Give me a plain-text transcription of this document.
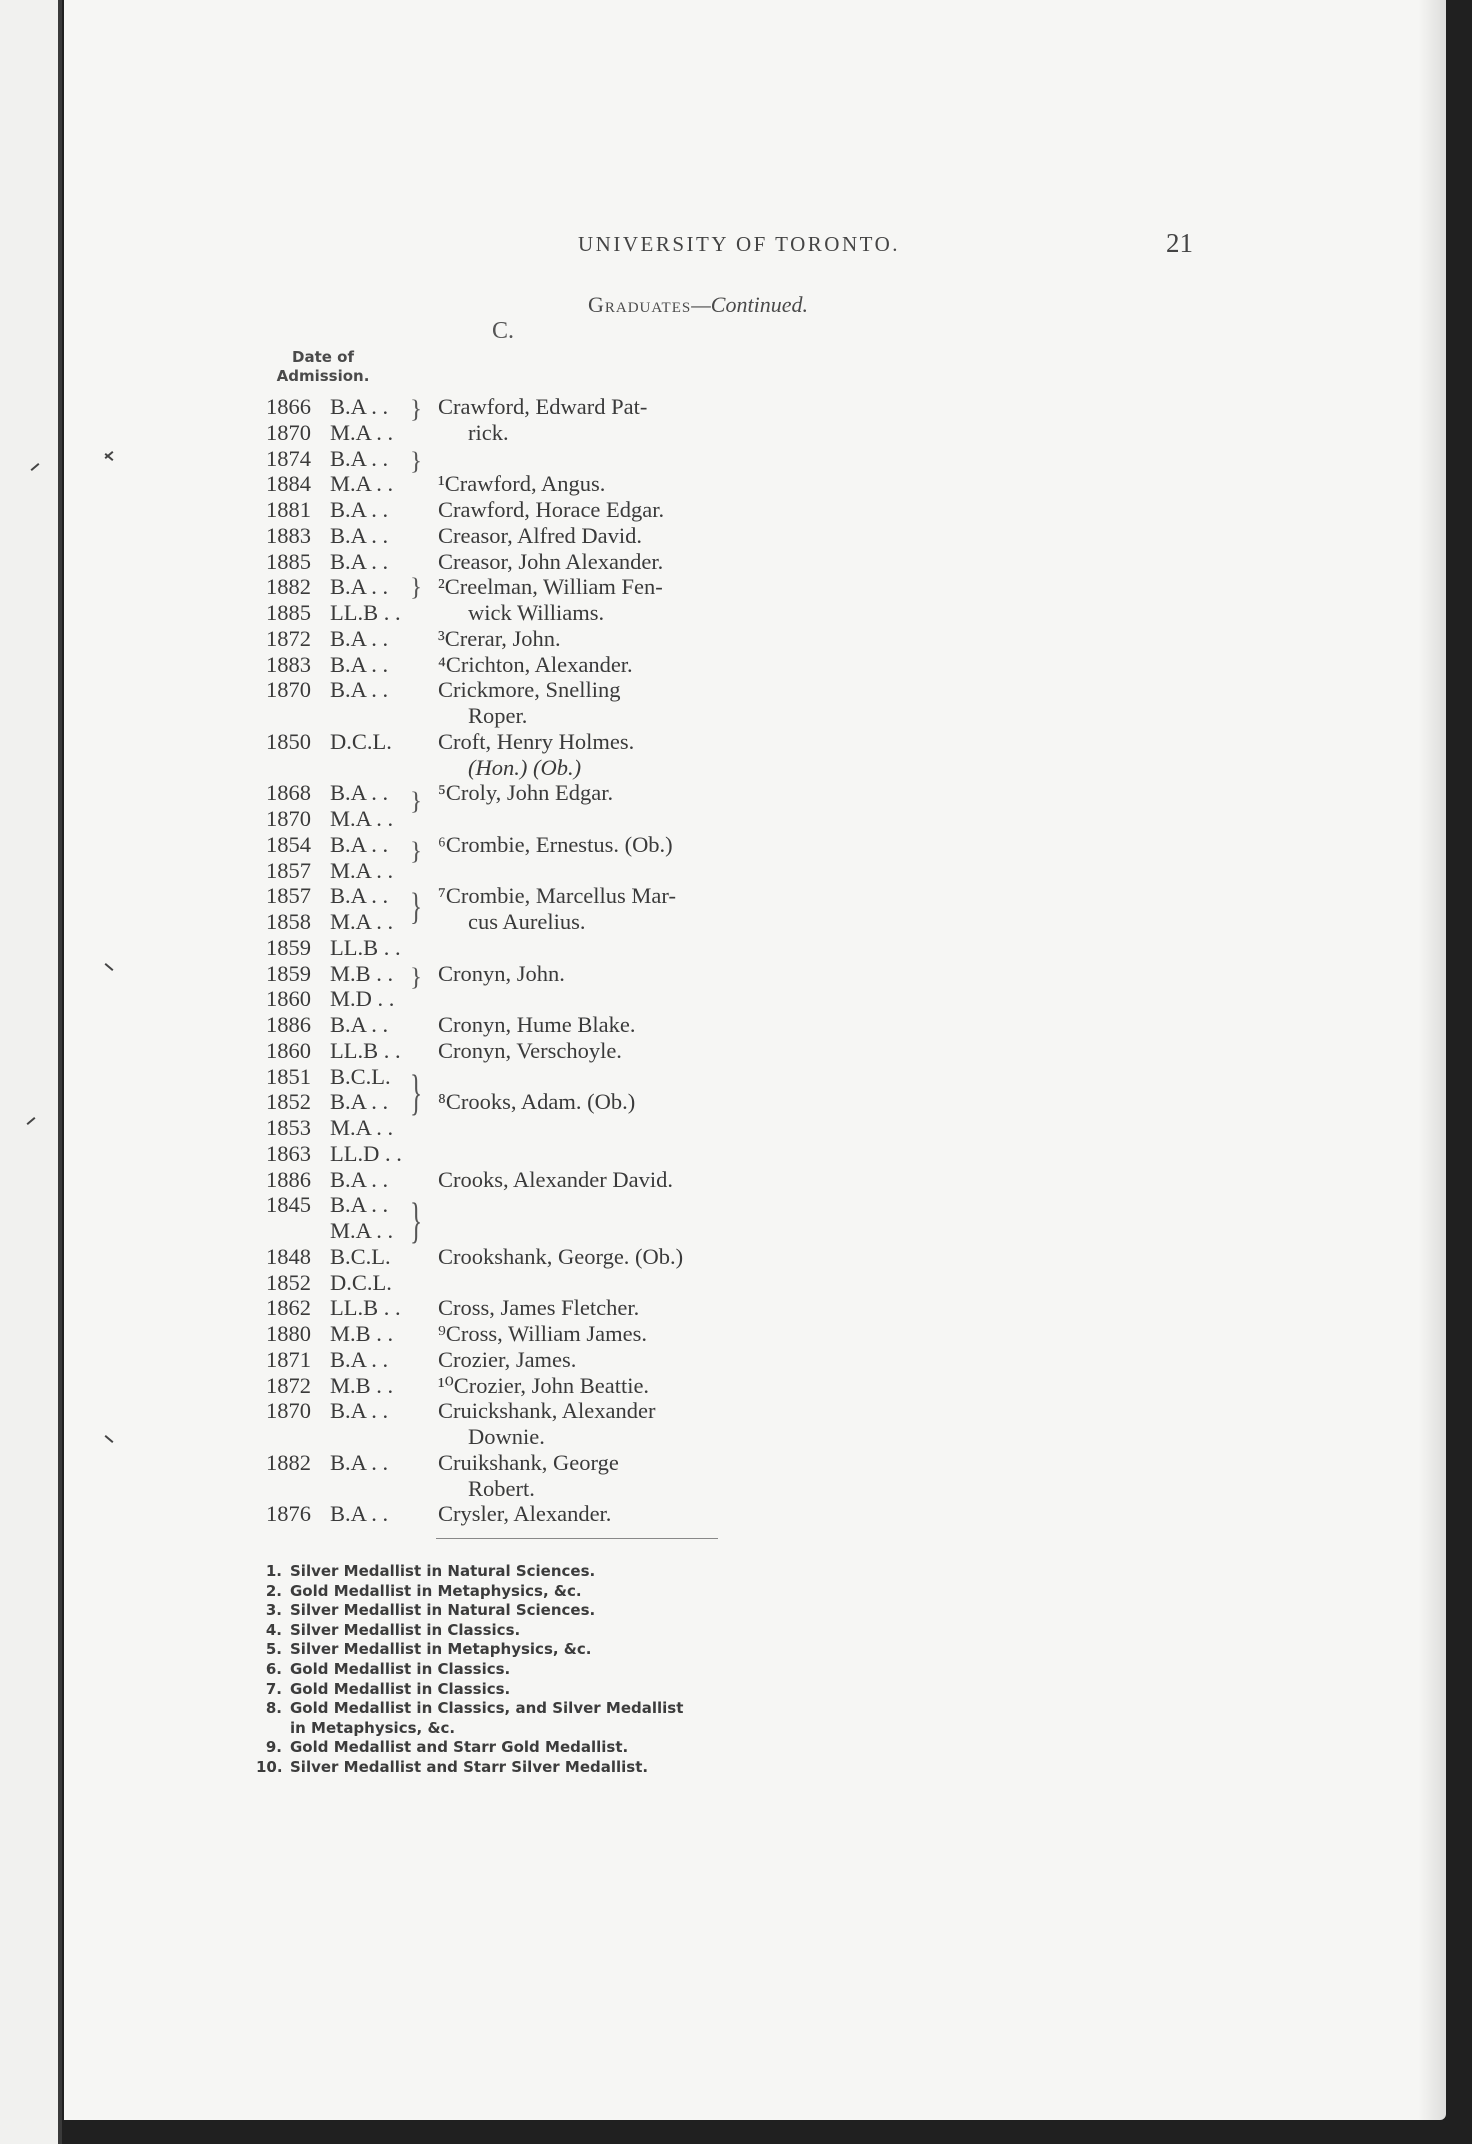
UNIVERSITY OF TORONTO.	21
Graduates—Continued.
C.
Date of
Admission.
1866 B.A . . Crawford, Edward Pat-
1870 M.A . .	rick.
1874 B.A . .
1884 M.A . . ¹Crawford, Angus.
1881 B.A . . Crawford, Horace Edgar.
1883 B.A . . Creasor, Alfred David.
1885 B.A . . Creasor, John Alexander.
1882 B.A . . ²Creelman, William Fen-
1885 LL.B . .	wick Williams.
1872 B.A . . ³Crerar, John.
1883 B.A . . ⁴Crichton, Alexander.
1870 B.A . . Crickmore, Snelling
Roper.
1850 D.C.L. Croft, Henry Holmes.
(Hon.) (Ob.)
1868 B.A . . ⁵Croly, John Edgar.
1870 M.A . .
1854 B.A . . ⁶Crombie, Ernestus. (Ob.)
1857 M.A . .
1857 B.A . . ⁷Crombie, Marcellus Mar-
1858 M.A . .	cus Aurelius.
1859 LL.B . .
1859 M.B . . Cronyn, John.
1860 M.D . .
1886 B.A . . Cronyn, Hume Blake.
1860 LL.B . . Cronyn, Verschoyle.
1851 B.C.L.
1852 B.A . . ⁸Crooks, Adam. (Ob.)
1853 M.A . .
1863 LL.D . .
1886 B.A . . Crooks, Alexander David.
1845 B.A . .
M.A . .
1848 B.C.L. Crookshank, George. (Ob.)
1852 D.C.L.
1862 LL.B . . Cross, James Fletcher.
1880 M.B . . ⁹Cross, William James.
1871 B.A . . Crozier, James.
1872 M.B . . ¹⁰Crozier, John Beattie.
1870 B.A . . Cruickshank, Alexander
Downie.
1882 B.A . . Cruikshank, George
Robert.
1876 B.A . . Crysler, Alexander.
}
}
}
}
}
}
}
}
}
1. Silver Medallist in Natural Sciences.
2. Gold Medallist in Metaphysics, &c.
3. Silver Medallist in Natural Sciences.
4. Silver Medallist in Classics.
5. Silver Medallist in Metaphysics, &c.
6. Gold Medallist in Classics.
7. Gold Medallist in Classics.
8. Gold Medallist in Classics, and Silver Medallist
in Metaphysics, &c.
9. Gold Medallist and Starr Gold Medallist.
10. Silver Medallist and Starr Silver Medallist.
